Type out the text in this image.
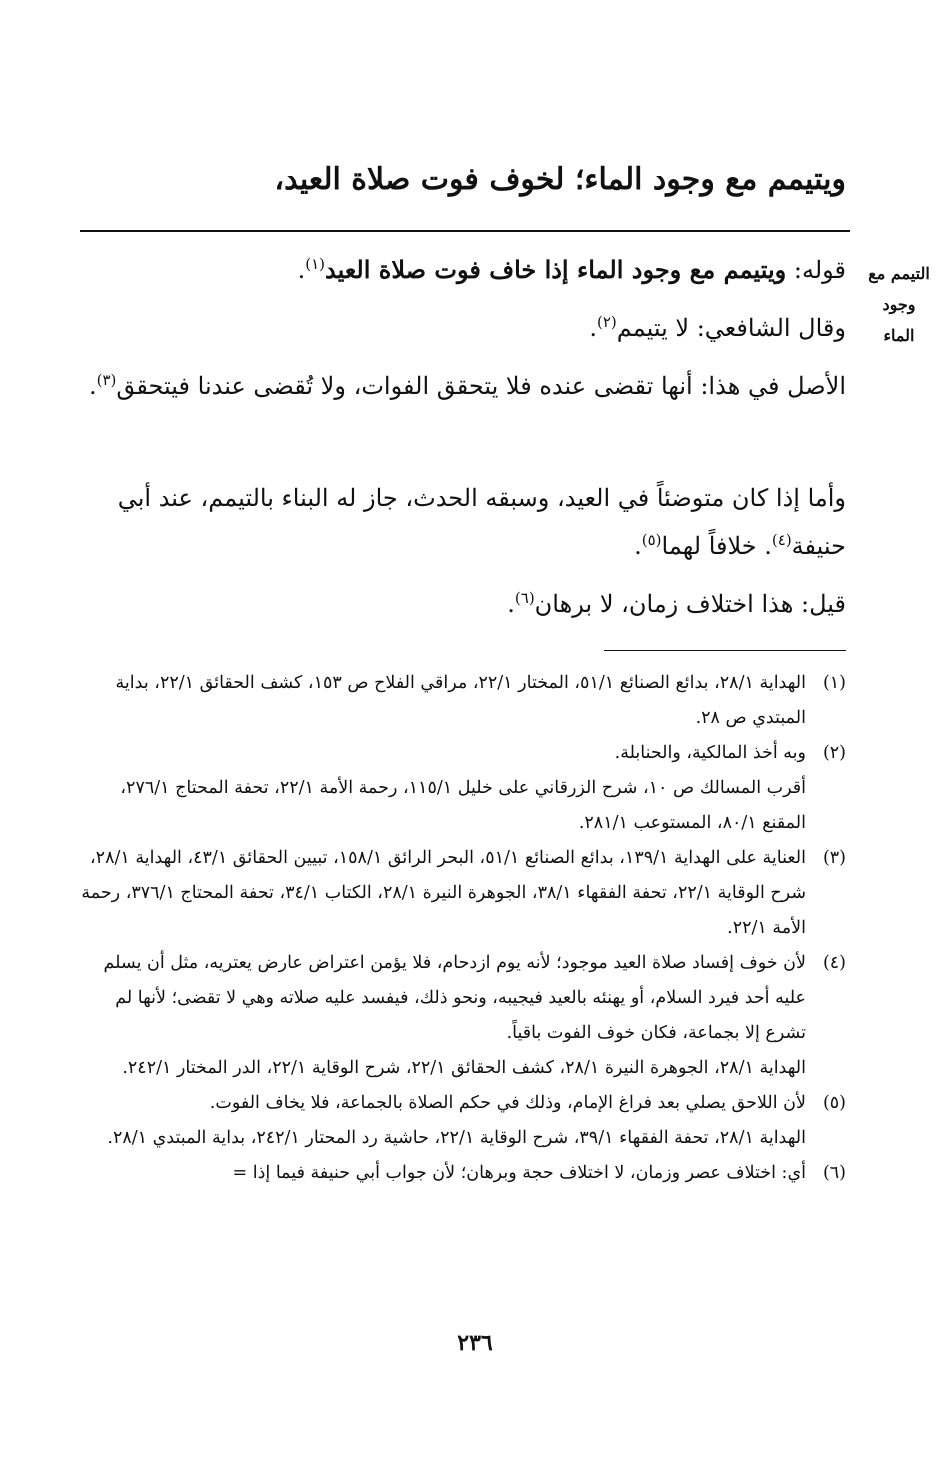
ويتيمم مع وجود الماء؛ لخوف فوت صلاة العيد،
التيمم مع
وجود
الماء

قوله: ويتيمم مع وجود الماء إذا خاف فوت صلاة العيد$^{(١)}$.

وقال الشافعي: لا يتيمم$^{(٢)}$.

الأصل في هذا: أنها تقضى عنده فلا يتحقق الفوات، ولا تُقضى عندنا فيتحقق$^{(٣)}$.

وأما إذا كان متوضئاً في العيد، وسبقه الحدث، جاز له البناء بالتيمم، عند أبي حنيفة$^{(٤)}$. خلافاً لهما$^{(٥)}$.

قيل: هذا اختلاف زمان، لا برهان$^{(٦)}$.

(١)

الهداية ٢٨/١، بدائع الصنائع ٥١/١، المختار ٢٢/١، مراقي الفلاح ص ١٥٣، كشف الحقائق ٢٢/١، بداية المبتدي ص ٢٨.

(٢)

وبه أخذ المالكية، والحنابلة.

أقرب المسالك ص ١٠، شرح الزرقاني على خليل ١١٥/١، رحمة الأمة ٢٢/١، تحفة المحتاج ٢٧٦/١، المقنع ٨٠/١، المستوعب ٢٨١/١.

(٣)

العناية على الهداية ١٣٩/١، بدائع الصنائع ٥١/١، البحر الرائق ١٥٨/١، تبيين الحقائق ٤٣/١، الهداية ٢٨/١، شرح الوقاية ٢٢/١، تحفة الفقهاء ٣٨/١، الجوهرة النيرة ٢٨/١، الكتاب ٣٤/١، تحفة المحتاج ٣٧٦/١، رحمة الأمة ٢٢/١.

(٤)

لأن خوف إفساد صلاة العيد موجود؛ لأنه يوم ازدحام، فلا يؤمن اعتراض عارض يعتريه، مثل أن يسلم عليه أحد فيرد السلام، أو يهنئه بالعيد فيجيبه، ونحو ذلك، فيفسد عليه صلاته وهي لا تقضى؛ لأنها لم تشرع إلا بجماعة، فكان خوف الفوت باقياً.

الهداية ٢٨/١، الجوهرة النيرة ٢٨/١، كشف الحقائق ٢٢/١، شرح الوقاية ٢٢/١، الدر المختار ٢٤٢/١.

(٥)

لأن اللاحق يصلي بعد فراغ الإمام، وذلك في حكم الصلاة بالجماعة، فلا يخاف الفوت.

الهداية ٢٨/١، تحفة الفقهاء ٣٩/١، شرح الوقاية ٢٢/١، حاشية رد المحتار ٢٤٢/١، بداية المبتدي ٢٨/١.

(٦)

أي: اختلاف عصر وزمان، لا اختلاف حجة وبرهان؛ لأن جواب أبي حنيفة فيما إذا =

٢٣٦
